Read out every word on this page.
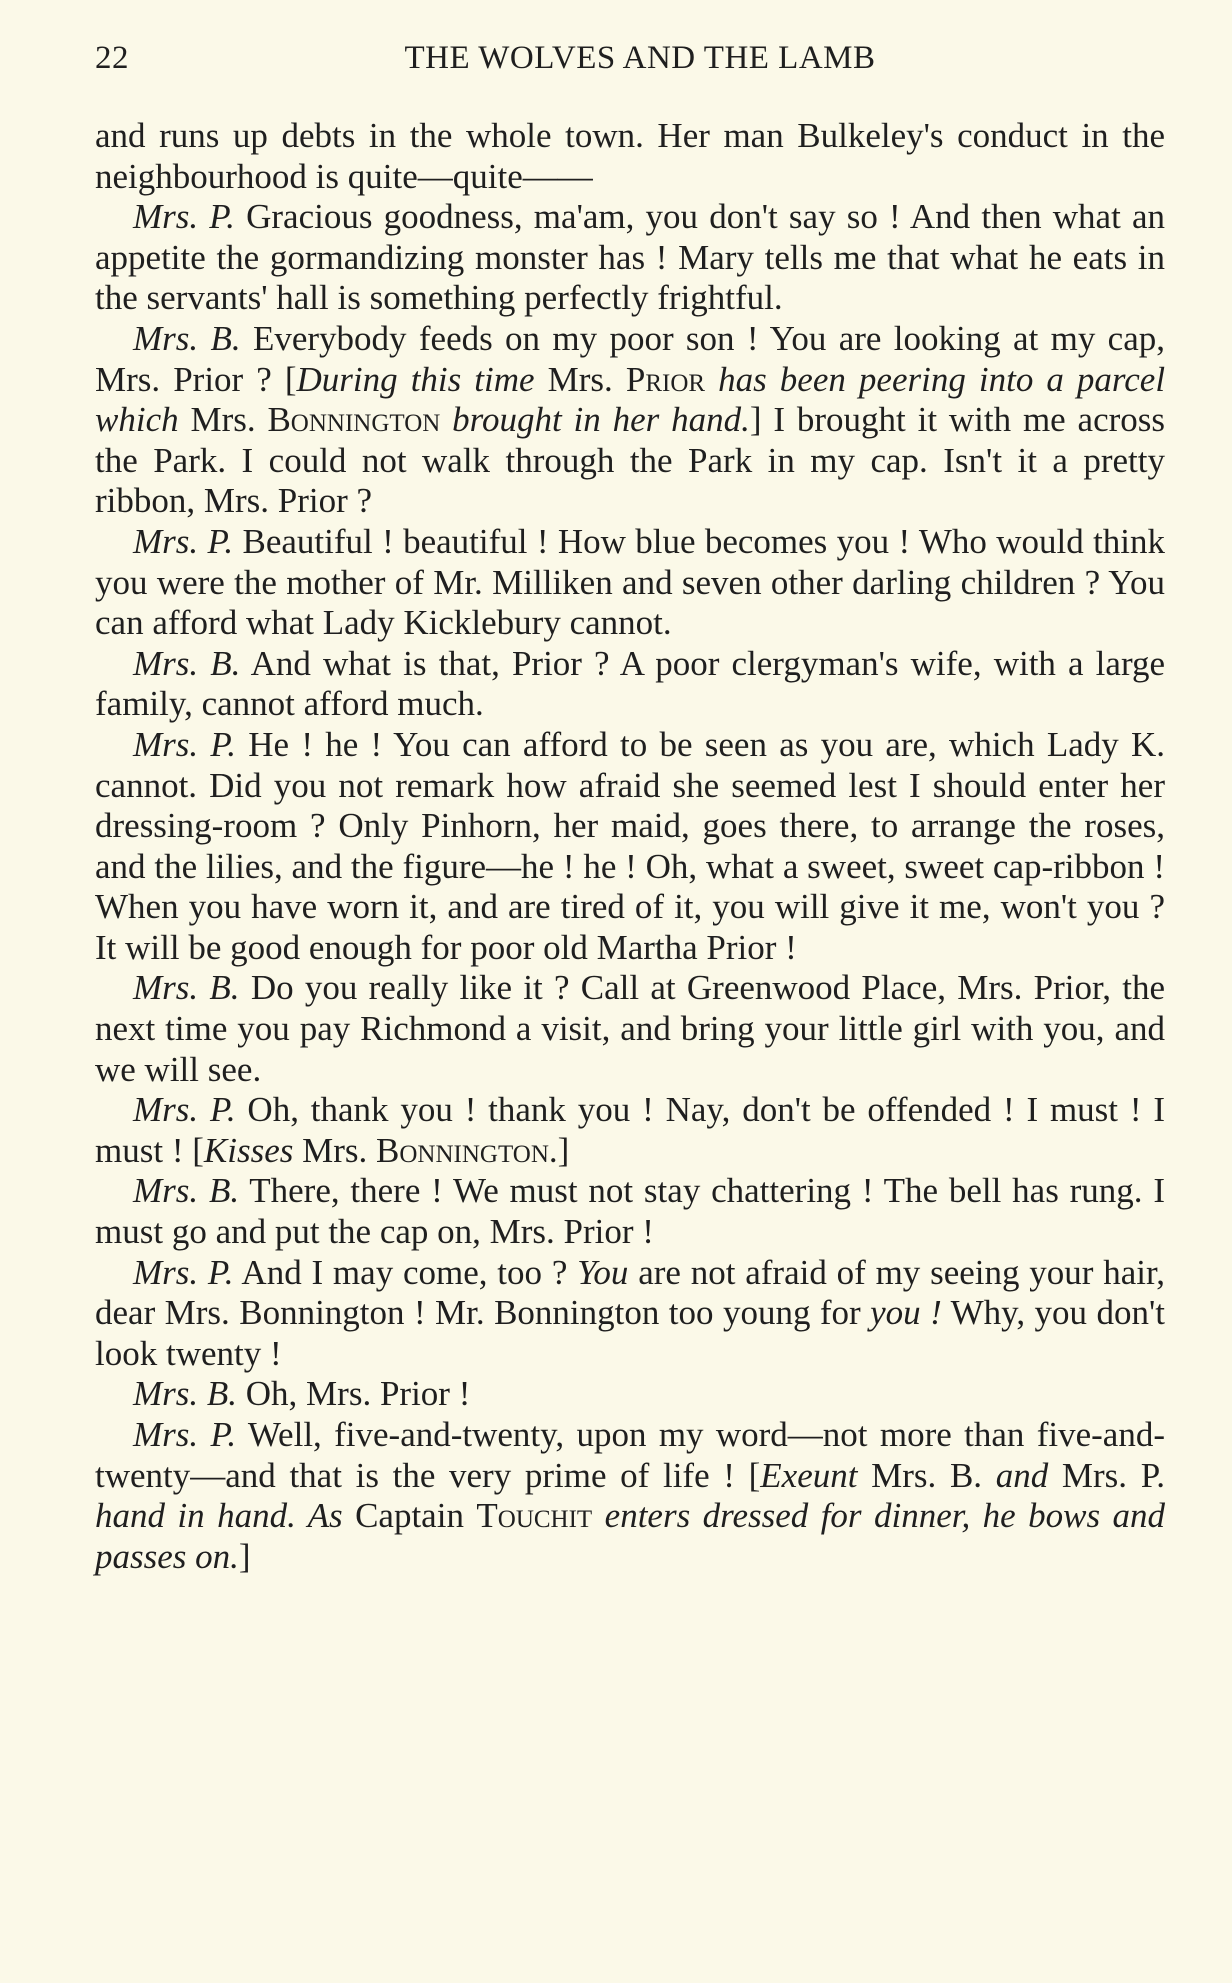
22	THE WOLVES AND THE LAMB

and runs up debts in the whole town. Her man Bulkeley's conduct in the neighbourhood is quite—quite——

Mrs. P. Gracious goodness, ma'am, you don't say so ! And then what an appetite the gormandizing monster has ! Mary tells me that what he eats in the servants' hall is something perfectly frightful.

Mrs. B. Everybody feeds on my poor son ! You are looking at my cap, Mrs. Prior ? [During this time Mrs. Prior has been peering into a parcel which Mrs. Bonnington brought in her hand.] I brought it with me across the Park. I could not walk through the Park in my cap. Isn't it a pretty ribbon, Mrs. Prior ?

Mrs. P. Beautiful ! beautiful ! How blue becomes you ! Who would think you were the mother of Mr. Milliken and seven other darling children ? You can afford what Lady Kicklebury cannot.

Mrs. B. And what is that, Prior ? A poor clergyman's wife, with a large family, cannot afford much.

Mrs. P. He ! he ! You can afford to be seen as you are, which Lady K. cannot. Did you not remark how afraid she seemed lest I should enter her dressing-room ? Only Pinhorn, her maid, goes there, to arrange the roses, and the lilies, and the figure—he ! he ! Oh, what a sweet, sweet cap-ribbon ! When you have worn it, and are tired of it, you will give it me, won't you ? It will be good enough for poor old Martha Prior !

Mrs. B. Do you really like it ? Call at Greenwood Place, Mrs. Prior, the next time you pay Richmond a visit, and bring your little girl with you, and we will see.

Mrs. P. Oh, thank you ! thank you ! Nay, don't be offended ! I must ! I must ! [Kisses Mrs. Bonnington.]

Mrs. B. There, there ! We must not stay chattering ! The bell has rung. I must go and put the cap on, Mrs. Prior !

Mrs. P. And I may come, too ? You are not afraid of my seeing your hair, dear Mrs. Bonnington ! Mr. Bonnington too young for you ! Why, you don't look twenty !

Mrs. B. Oh, Mrs. Prior !

Mrs. P. Well, five-and-twenty, upon my word—not more than five-and-twenty—and that is the very prime of life ! [Exeunt Mrs. B. and Mrs. P. hand in hand. As Captain Touchit enters dressed for dinner, he bows and passes on.]
